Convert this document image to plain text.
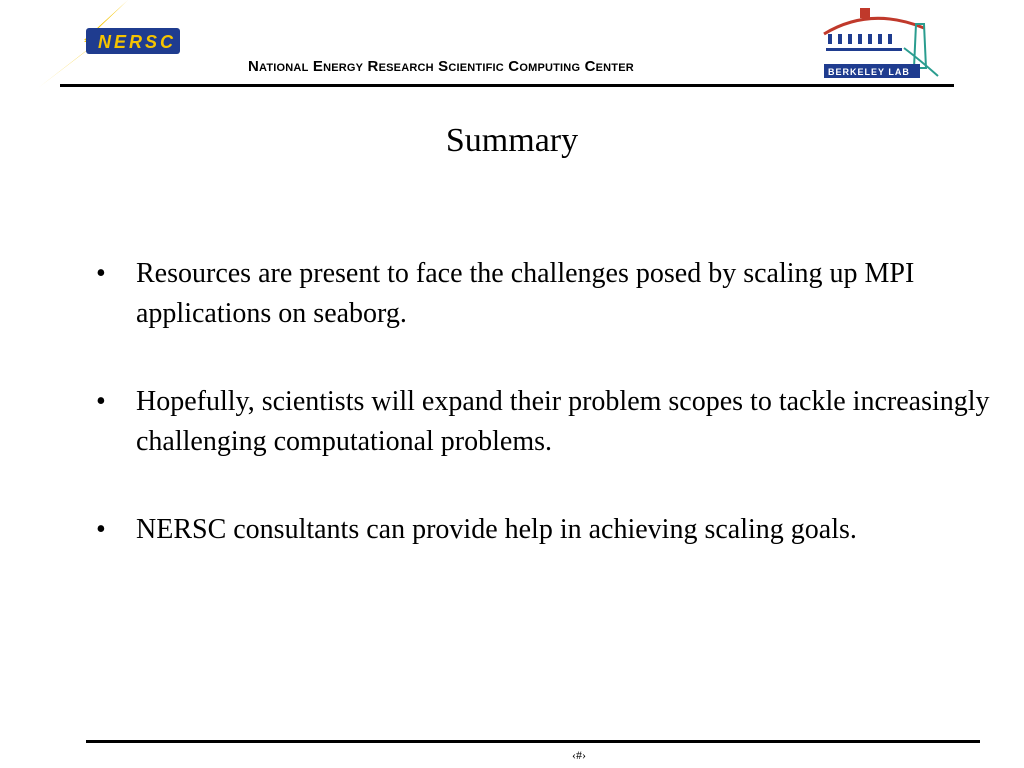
NERSC
National Energy Research Scientific Computing Center	BERKELEY LAB
Summary
• Resources are present to face the challenges posed by scaling up MPI applications on seaborg.
• Hopefully, scientists will expand their problem scopes to tackle increasingly challenging computational problems.
• NERSC consultants can provide help in achieving scaling goals.
‹#›
